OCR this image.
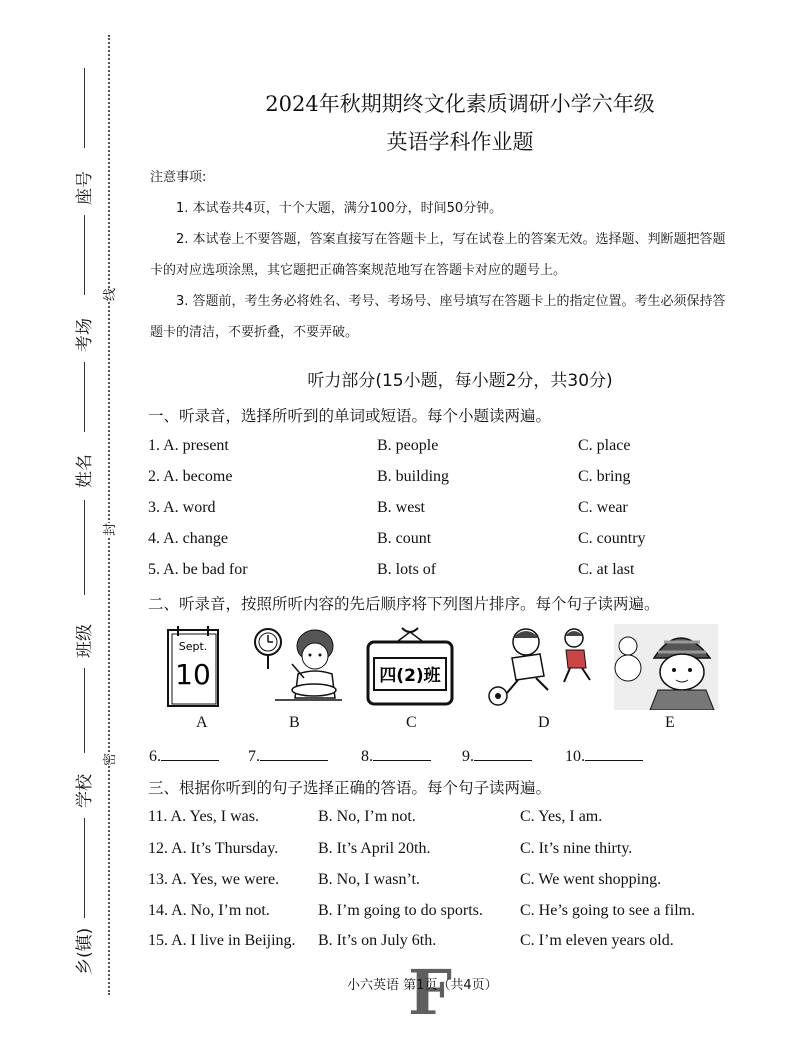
座号
考场
姓名
班级
学校
乡(镇)
线
封
密
2024年秋期期终文化素质调研小学六年级
英语学科作业题

注意事项:

1. 本试卷共4页，十个大题，满分100分，时间50分钟。

2. 本试卷上不要答题，答案直接写在答题卡上，写在试卷上的答案无效。选择题、判断题把答题卡的对应选项涂黑，其它题把正确答案规范地写在答题卡对应的题号上。

3. 答题前，考生务必将姓名、考号、考场号、座号填写在答题卡上的指定位置。考生必须保持答题卡的清洁，不要折叠，不要弄破。

听力部分(15小题，每小题2分，共30分)
一、听录音，选择所听到的单词或短语。每个小题读两遍。
1. A. present	B. people	C. place
2. A. become	B. building	C. bring
3. A. word	B. west	C. wear
4. A. change	B. count	C. country
5. A. be bad for	B. lots of	C. at last
二、听录音，按照所听内容的先后顺序将下列图片排序。每个句子读两遍。
Sept.
10	四(2)班
A	B	C	D	E
6.	7.	8.	9.	10.
三、根据你听到的句子选择正确的答语。每个句子读两遍。
11. A. Yes, I was.	B. No, I’m not.	C. Yes, I am.
12. A. It’s Thursday. B. It’s April 20th.	C. It’s nine thirty.
13. A. Yes, we were. B. No, I wasn’t.	C. We went shopping.
14. A. No, I’m not.	B. I’m going to do sports. C. He’s going to see a film.
15. A. I live in Beijing. B. It’s on July 6th.	C. I’m eleven years old.
F
小六英语 第1页（共4页）
